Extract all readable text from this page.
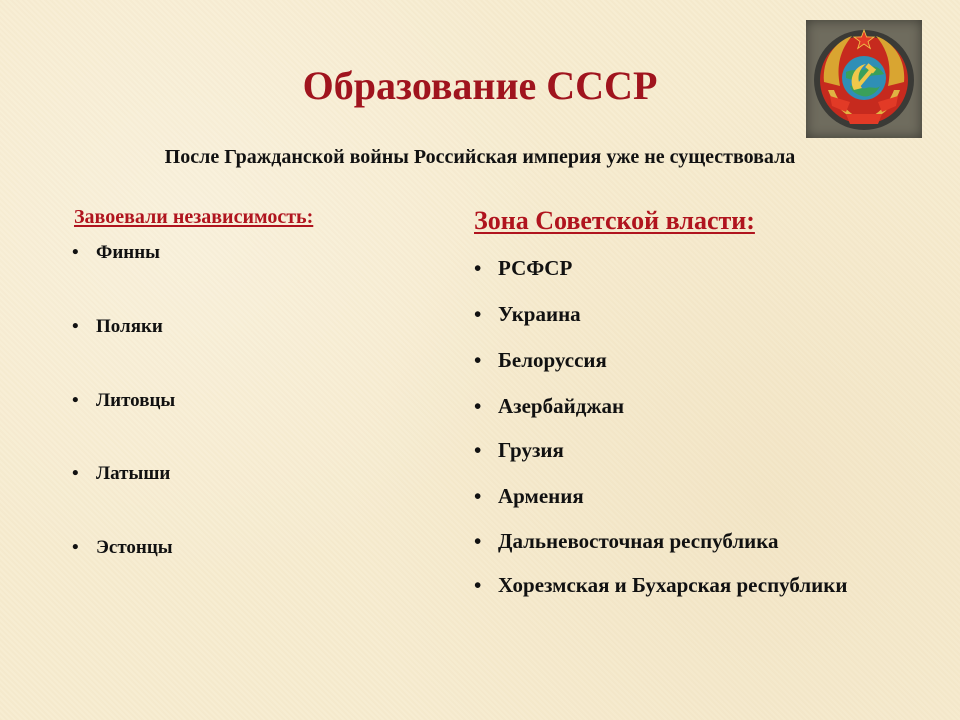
Образование СССР
После Гражданской войны Российская империя уже не существовала
Завоевали независимость:
• Финны
• Поляки
• Литовцы
• Латыши
• Эстонцы
Зона Советской власти:
• РСФСР
• Украина
• Белоруссия
• Азербайджан
• Грузия
• Армения
• Дальневосточная республика
• Хорезмская и Бухарская республики
